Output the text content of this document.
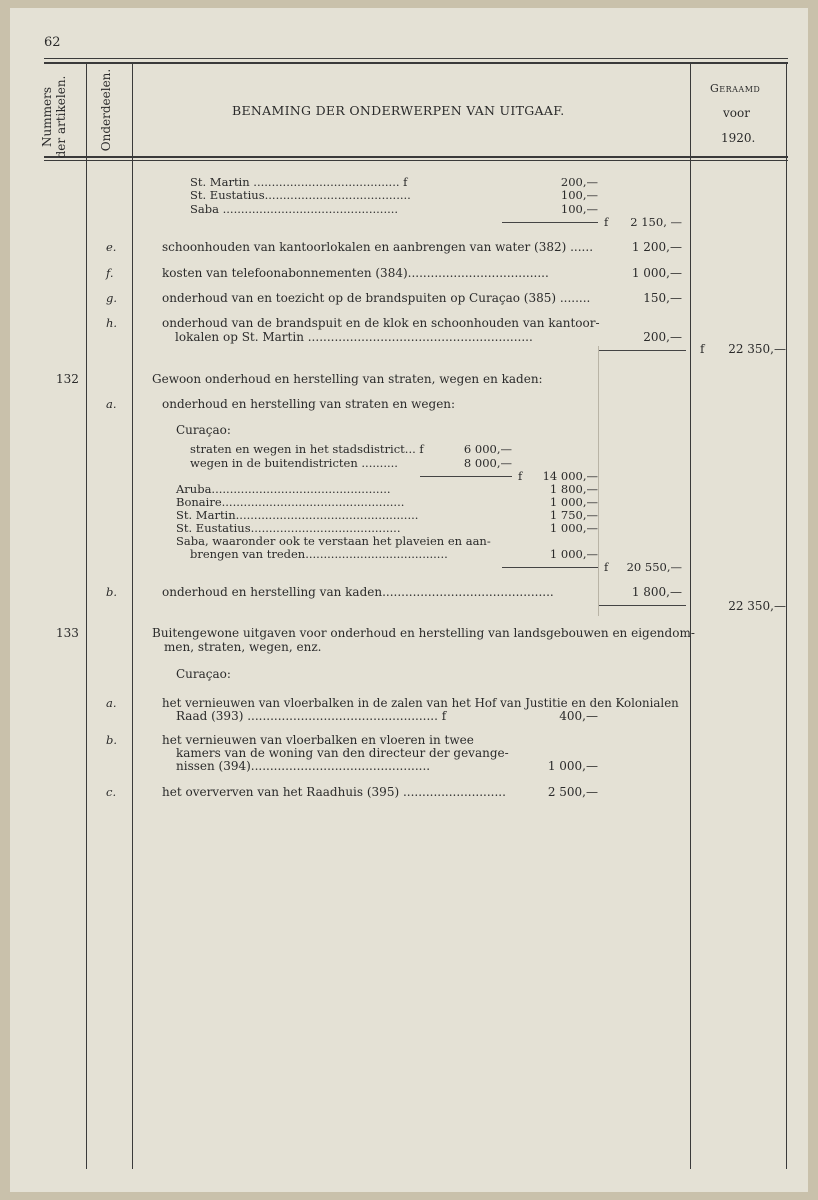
62
Nummers
der artikelen.	Onderdeelen.	BENAMING DER ONDERWERPEN VAN UITGAAF.
Geraamd
voor
1920.
St. Martin ........................................ f	200,—
St. Eustatius........................................	100,—
Saba ................................................	100,—
f	2 150, —
e.	schoonhouden van kantoorlokalen en aanbrengen van water (382) ......	1 200,—
f.	kosten van telefoonabonnementen (384).....................................	1 000,—
g.	onderhoud van en toezicht op de brandspuiten op Curaçao (385) ........	150,—
h.	onderhoud van de brandspuit en de klok en schoonhouden van kantoor-
lokalen op St. Martin ...........................................................	200,—
f	22 350,—
132	Gewoon onderhoud en herstelling van straten, wegen en kaden:
a.	onderhoud en herstelling van straten en wegen:
Curaçao:
straten en wegen in het stadsdistrict... f	6 000,—
wegen in de buitendistricten ..........	8 000,—
f	14 000,—
Aruba.................................................	1 800,—
Bonaire..................................................	1 000,—
St. Martin..................................................	1 750,—
St. Eustatius.........................................	1 000,—
Saba, waaronder ook te verstaan het plaveien en aan-
brengen van treden.......................................	1 000,—
f	20 550,—
b.	onderhoud en herstelling van kaden.............................................	1 800,—
22 350,—
133	Buitengewone uitgaven voor onderhoud en herstelling van landsgebouwen en eigendom-
men, straten, wegen, enz.
Curaçao:
a.	het vernieuwen van vloerbalken in de zalen van het Hof van Justitie en den Kolonialen
Raad (393) .................................................. f	400,—
b.	het vernieuwen van vloerbalken en vloeren in twee
kamers van de woning van den directeur der gevange-
nissen (394)...............................................	1 000,—
c.	het oververven van het Raadhuis (395) ...........................	2 500,—
